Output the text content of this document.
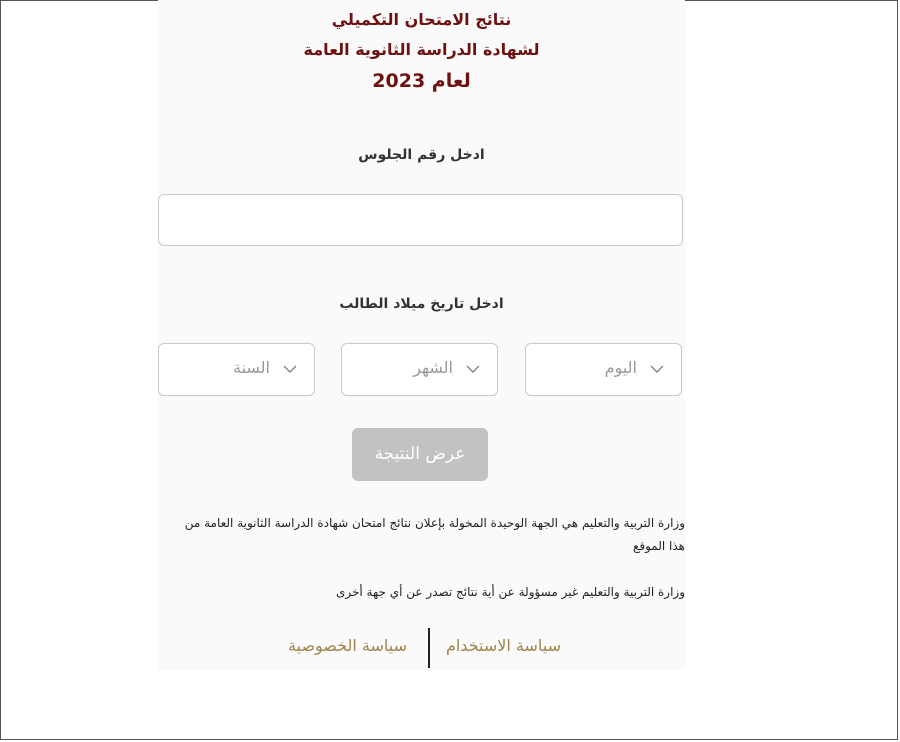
نتائج الامتحان التكميلي
لشهادة الدراسة الثانوية العامة
لعام 2023
ادخل رقم الجلوس
ادخل تاريخ ميلاد الطالب
اليوم
الشهر
السنة
عرض النتيجة
وزارة التربية والتعليم هي الجهة الوحيدة المخولة بإعلان نتائج امتحان شهادة الدراسة الثانوية العامة من هذا الموقع
وزارة التربية والتعليم غير مسؤولة عن أية نتائج تصدر عن أي جهة أخرى
سياسة الاستخدام
سياسة الخصوصية
